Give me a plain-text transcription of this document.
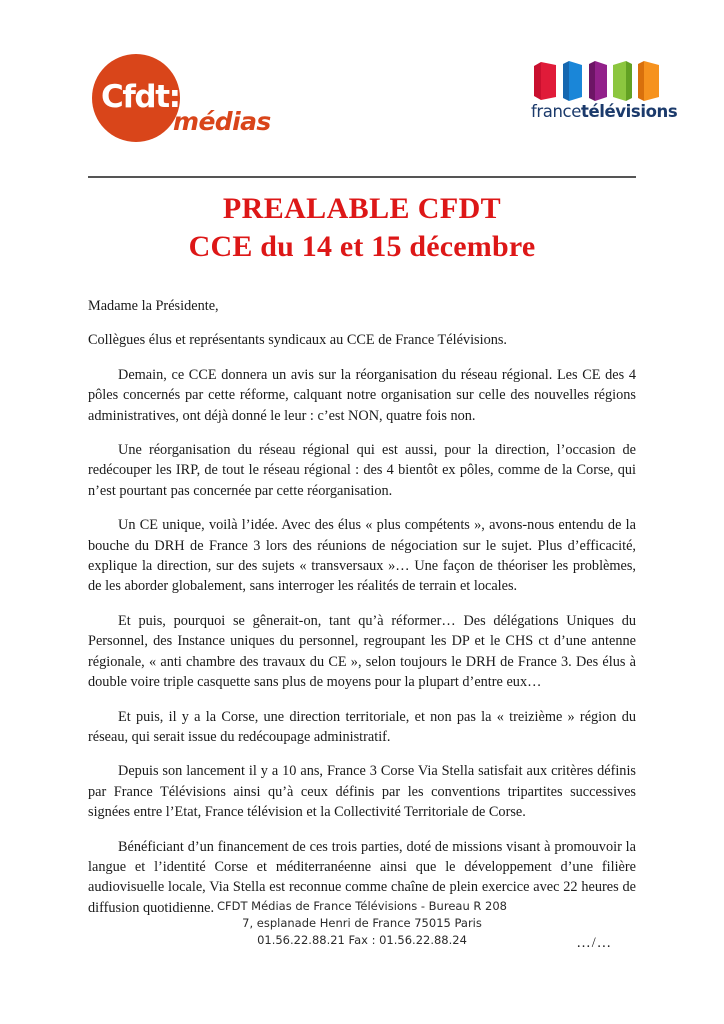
Cfdt:
médias	francetélévisions
PREALABLE CFDT
CCE du 14 et 15 décembre

Madame la Présidente,

Collègues élus et représentants syndicaux au CCE de France Télévisions.

Demain, ce CCE donnera un avis sur la réorganisation du réseau régional. Les CE des 4 pôles concernés par cette réforme, calquant notre organisation sur celle des nouvelles régions administratives, ont déjà donné le leur : c’est NON, quatre fois non.

Une réorganisation du réseau régional qui est aussi, pour la direction, l’occasion de redécouper les IRP, de tout le réseau régional : des 4 bientôt ex pôles, comme de la Corse, qui n’est pourtant pas concernée par cette réorganisation.

Un CE unique, voilà l’idée. Avec des élus « plus compétents », avons-nous entendu de la bouche du DRH de France 3 lors des réunions de négociation sur le sujet. Plus d’efficacité, explique la direction, sur des sujets « transversaux »… Une façon de théoriser les problèmes, de les aborder globalement, sans interroger les réalités de terrain et locales.

Et puis, pourquoi se gênerait-on, tant qu’à réformer… Des délégations Uniques du Personnel, des Instance uniques du personnel, regroupant les DP et le CHS ct d’une antenne régionale, « anti chambre des travaux du CE », selon toujours le DRH de France 3. Des élus à double voire triple casquette sans plus de moyens pour la plupart d’entre eux…

Et puis, il y a la Corse, une direction territoriale, et non pas la « treizième » région du réseau, qui serait issue du redécoupage administratif.

Depuis son lancement il y a 10 ans, France 3 Corse Via Stella satisfait aux critères définis par France Télévisions ainsi qu’à ceux définis par les conventions tripartites successives signées entre l’Etat, France télévision et la Collectivité Territoriale de Corse.

Bénéficiant d’un financement de ces trois parties, doté de missions visant à promouvoir la langue et l’identité Corse et méditerranéenne ainsi que le développement d’une filière audiovisuelle locale, Via Stella est reconnue comme chaîne de plein exercice avec 22 heures de diffusion quotidienne.

…/…

CFDT Médias de France Télévisions - Bureau R 208
7, esplanade Henri de France 75015 Paris
01.56.22.88.21 Fax : 01.56.22.88.24
